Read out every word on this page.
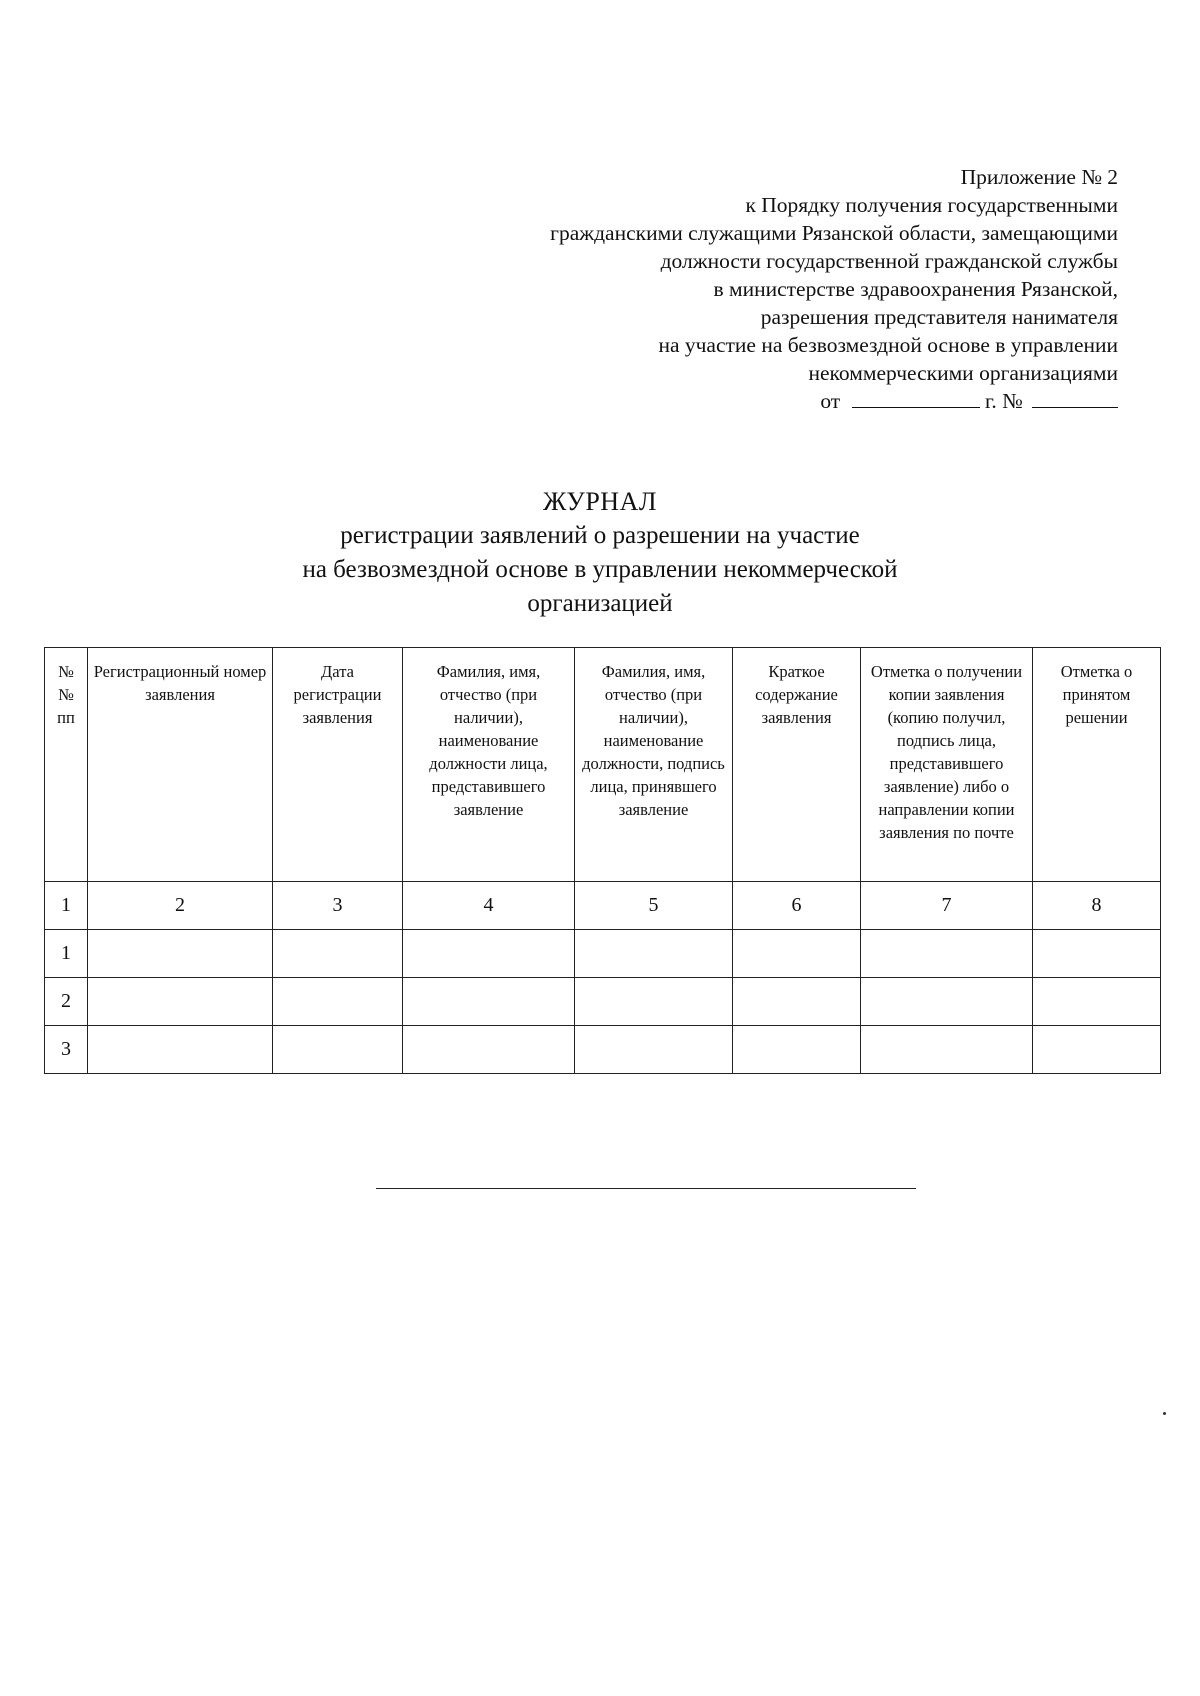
Приложение № 2
к Порядку получения государственными
гражданскими служащими Рязанской области, замещающими
должности государственной гражданской службы
в министерстве здравоохранения Рязанской,
разрешения представителя нанимателя
на участие на безвозмездной основе в управлении
некоммерческими организациями
от	г. №
ЖУРНАЛ
регистрации заявлений о разрешении на участие
на безвозмездной основе в управлении некоммерческой
организацией
№ № пп	Регистрационный номер заявления	Дата регистрации заявления	Фамилия, имя, отчество (при наличии), наименование должности лица, представившего заявление	Фамилия, имя, отчество (при наличии), наименование должности, подпись лица, принявшего заявление	Краткое содержание заявления	Отметка о получении копии заявления (копию получил, подпись лица, представившего заявление) либо о направлении копии заявления по почте	Отметка о принятом решении
1	2	3	4	5	6	7	8
1							
2							
3							
